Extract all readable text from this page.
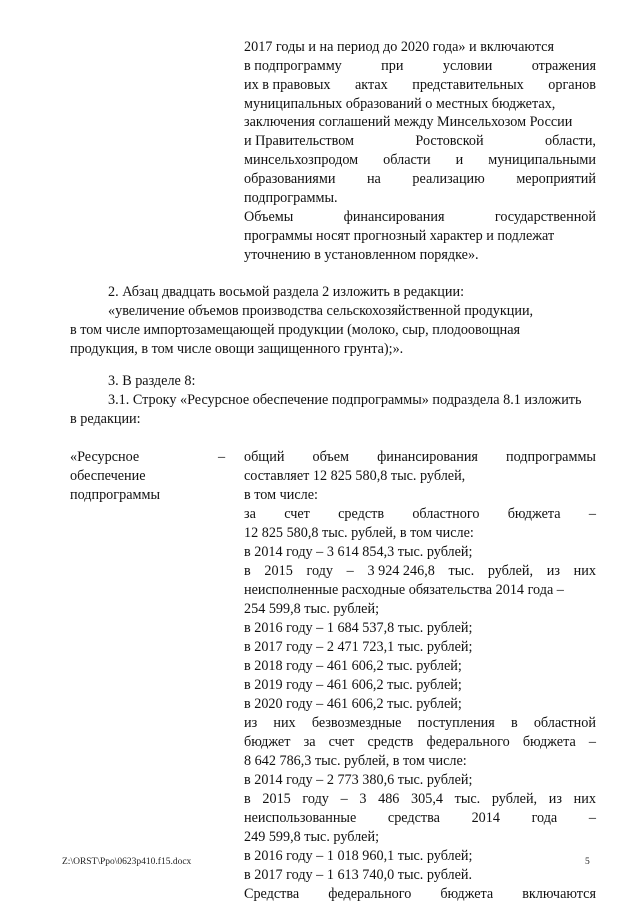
2017 годы и на период до 2020 года» и включаются
в подпрограмму	при	условии	отражения
их в правовых актах представительных органов
муниципальных образований о местных бюджетах,
заключения соглашений между Минсельхозом России
и Правительством	Ростовской	области,
минсельхозпродом области и муниципальными
образованиями на реализацию мероприятий
подпрограммы.
Объемы	финансирования	государственной
программы носят прогнозный характер и подлежат
уточнению в установленном порядке».
2. Абзац двадцать восьмой раздела 2 изложить в редакции:
«увеличение объемов производства сельскохозяйственной продукции,
в том числе импортозамещающей продукции (молоко, сыр, плодоовощная
продукция, в том числе овощи защищенного грунта);».
3. В разделе 8:
3.1. Строку «Ресурсное обеспечение подпрограммы» подраздела 8.1 изложить
в редакции:
«Ресурсное
обеспечение
подпрограммы
– общий объем финансирования подпрограммы
составляет 12 825 580,8 тыс. рублей,
в том числе:
за счет средств областного бюджета –
12 825 580,8 тыс. рублей, в том числе:
в 2014 году – 3 614 854,3 тыс. рублей;
в 2015 году – 3 924 246,8 тыс. рублей, из них
неисполненные расходные обязательства 2014 года –
254 599,8 тыс. рублей;
в 2016 году – 1 684 537,8 тыс. рублей;
в 2017 году – 2 471 723,1 тыс. рублей;
в 2018 году – 461 606,2 тыс. рублей;
в 2019 году – 461 606,2 тыс. рублей;
в 2020 году – 461 606,2 тыс. рублей;
из них безвозмездные поступления в областной
бюджет за счет средств федерального бюджета –
8 642 786,3 тыс. рублей, в том числе:
в 2014 году – 2 773 380,6 тыс. рублей;
в 2015 году – 3 486 305,4 тыс. рублей, из них
неиспользованные средства 2014 года –
249 599,8 тыс. рублей;
в 2016 году – 1 018 960,1 тыс. рублей;
в 2017 году – 1 613 740,0 тыс. рублей.
Средства федерального бюджета включаются
Z:\ORST\Ppo\0623p410.f15.docx	5
